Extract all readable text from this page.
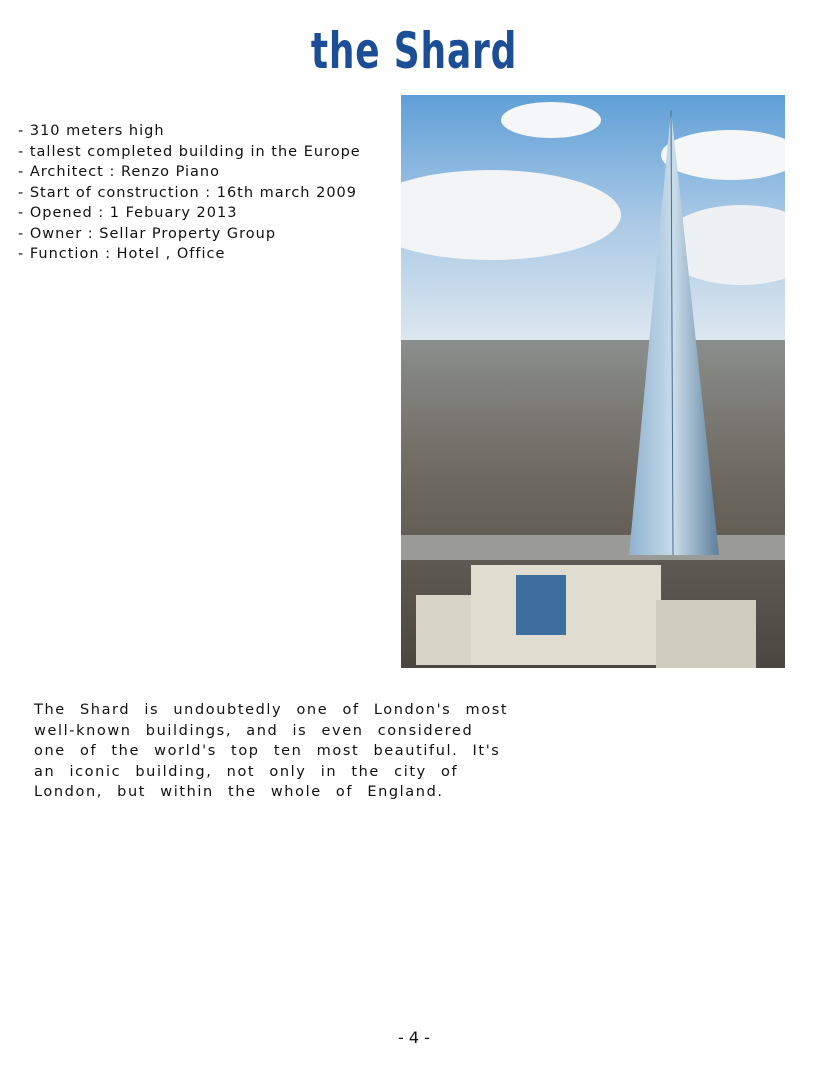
the Shard
- 310 meters high
- tallest completed building in the Europe
- Architect : Renzo Piano
- Start of construction : 16th march 2009
- Opened : 1 Febuary 2013
- Owner : Sellar Property Group
- Function : Hotel , Office
The Shard is undoubtedly one of London's most well-known buildings, and is even considered one of the world's top ten most beautiful. It's an iconic building, not only in the city of London, but within the whole of England.
- 4 -
